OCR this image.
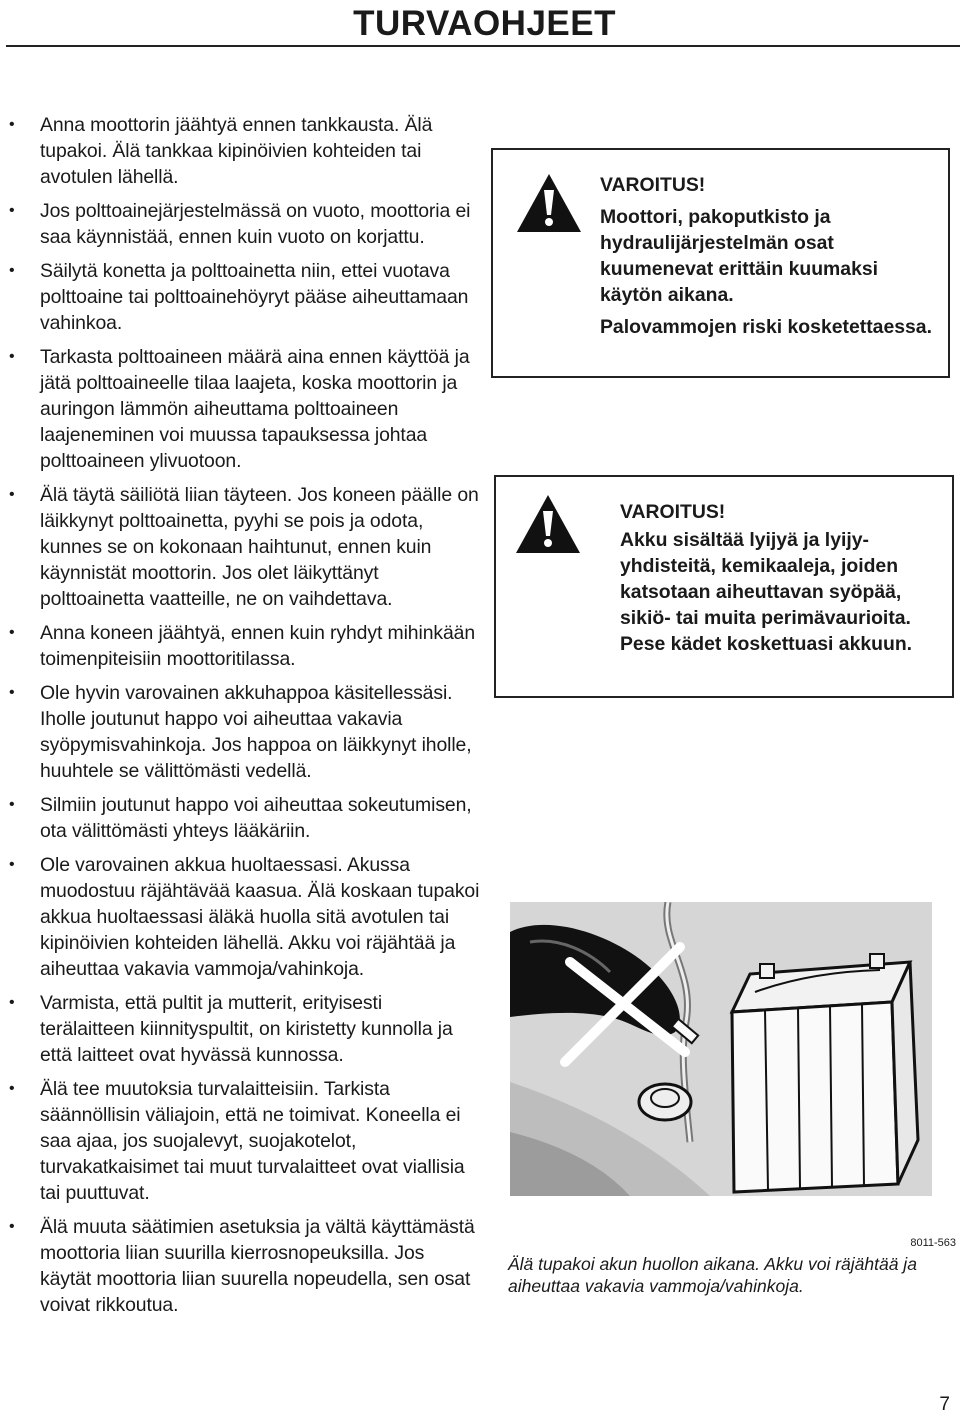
TURVAOHJEET
• Anna moottorin jäähtyä ennen tankkausta. Älä tupakoi. Älä tankkaa kipinöivien kohteiden tai avotulen lähellä.
• Jos polttoainejärjestelmässä on vuoto, moottoria ei saa käynnistää, ennen kuin vuoto on korjattu.
• Säilytä konetta ja polttoainetta niin, ettei vuotava polttoaine tai polttoainehöyryt pääse aiheuttamaan vahinkoa.
• Tarkasta polttoaineen määrä aina ennen käyttöä ja jätä polttoaineelle tilaa laajeta, koska moottorin ja auringon lämmön aiheuttama polttoaineen laajeneminen voi muussa tapauksessa johtaa polttoaineen ylivuotoon.
• Älä täytä säiliötä liian täyteen. Jos koneen päälle on läikkynyt polttoainetta, pyyhi se pois ja odota, kunnes se on kokonaan haihtunut, ennen kuin käynnistät moottorin. Jos olet läikyttänyt polttoainetta vaatteille, ne on vaihdettava.
• Anna koneen jäähtyä, ennen kuin ryhdyt mihinkään toimenpiteisiin moottoritilassa.
• Ole hyvin varovainen akkuhappoa käsitellessäsi. Iholle joutunut happo voi aiheuttaa vakavia syöpymisvahinkoja. Jos happoa on läikkynyt iholle, huuhtele se välittömästi vedellä.
• Silmiin joutunut happo voi aiheuttaa sokeutumisen, ota välittömästi yhteys lääkäriin.
• Ole varovainen akkua huoltaessasi. Akussa muodostuu räjähtävää kaasua. Älä koskaan tupakoi akkua huoltaessasi äläkä huolla sitä avotulen tai kipinöivien kohteiden lähellä. Akku voi räjähtää ja aiheuttaa vakavia vammoja/vahinkoja.
• Varmista, että pultit ja mutterit, erityisesti terälaitteen kiinnityspultit, on kiristetty kunnolla ja että laitteet ovat hyvässä kunnossa.
• Älä tee muutoksia turvalaitteisiin. Tarkista säännöllisin väliajoin, että ne toimivat. Koneella ei saa ajaa, jos suojalevyt, suojakotelot, turvakatkaisimet tai muut turvalaitteet ovat viallisia tai puuttuvat.
• Älä muuta säätimien asetuksia ja vältä käyttämästä moottoria liian suurilla kierrosnopeuksilla. Jos käytät moottoria liian suurella nopeudella, sen osat voivat rikkoutua.

VAROITUS!

Moottori, pakoputkisto ja hydraulijärjestelmän osat kuumenevat erittäin kuumaksi käytön aikana.

Palovammojen riski kosketettaessa.

VAROITUS!

Akku sisältää lyijyä ja lyijy-yhdisteitä, kemikaaleja, joiden katsotaan aiheuttavan syöpää, sikiö- tai muita perimävaurioita. Pese kädet koskettuasi akkuun.

8011-563
Älä tupakoi akun huollon aikana. Akku voi räjähtää ja aiheuttaa vakavia vammoja/vahinkoja.
7
